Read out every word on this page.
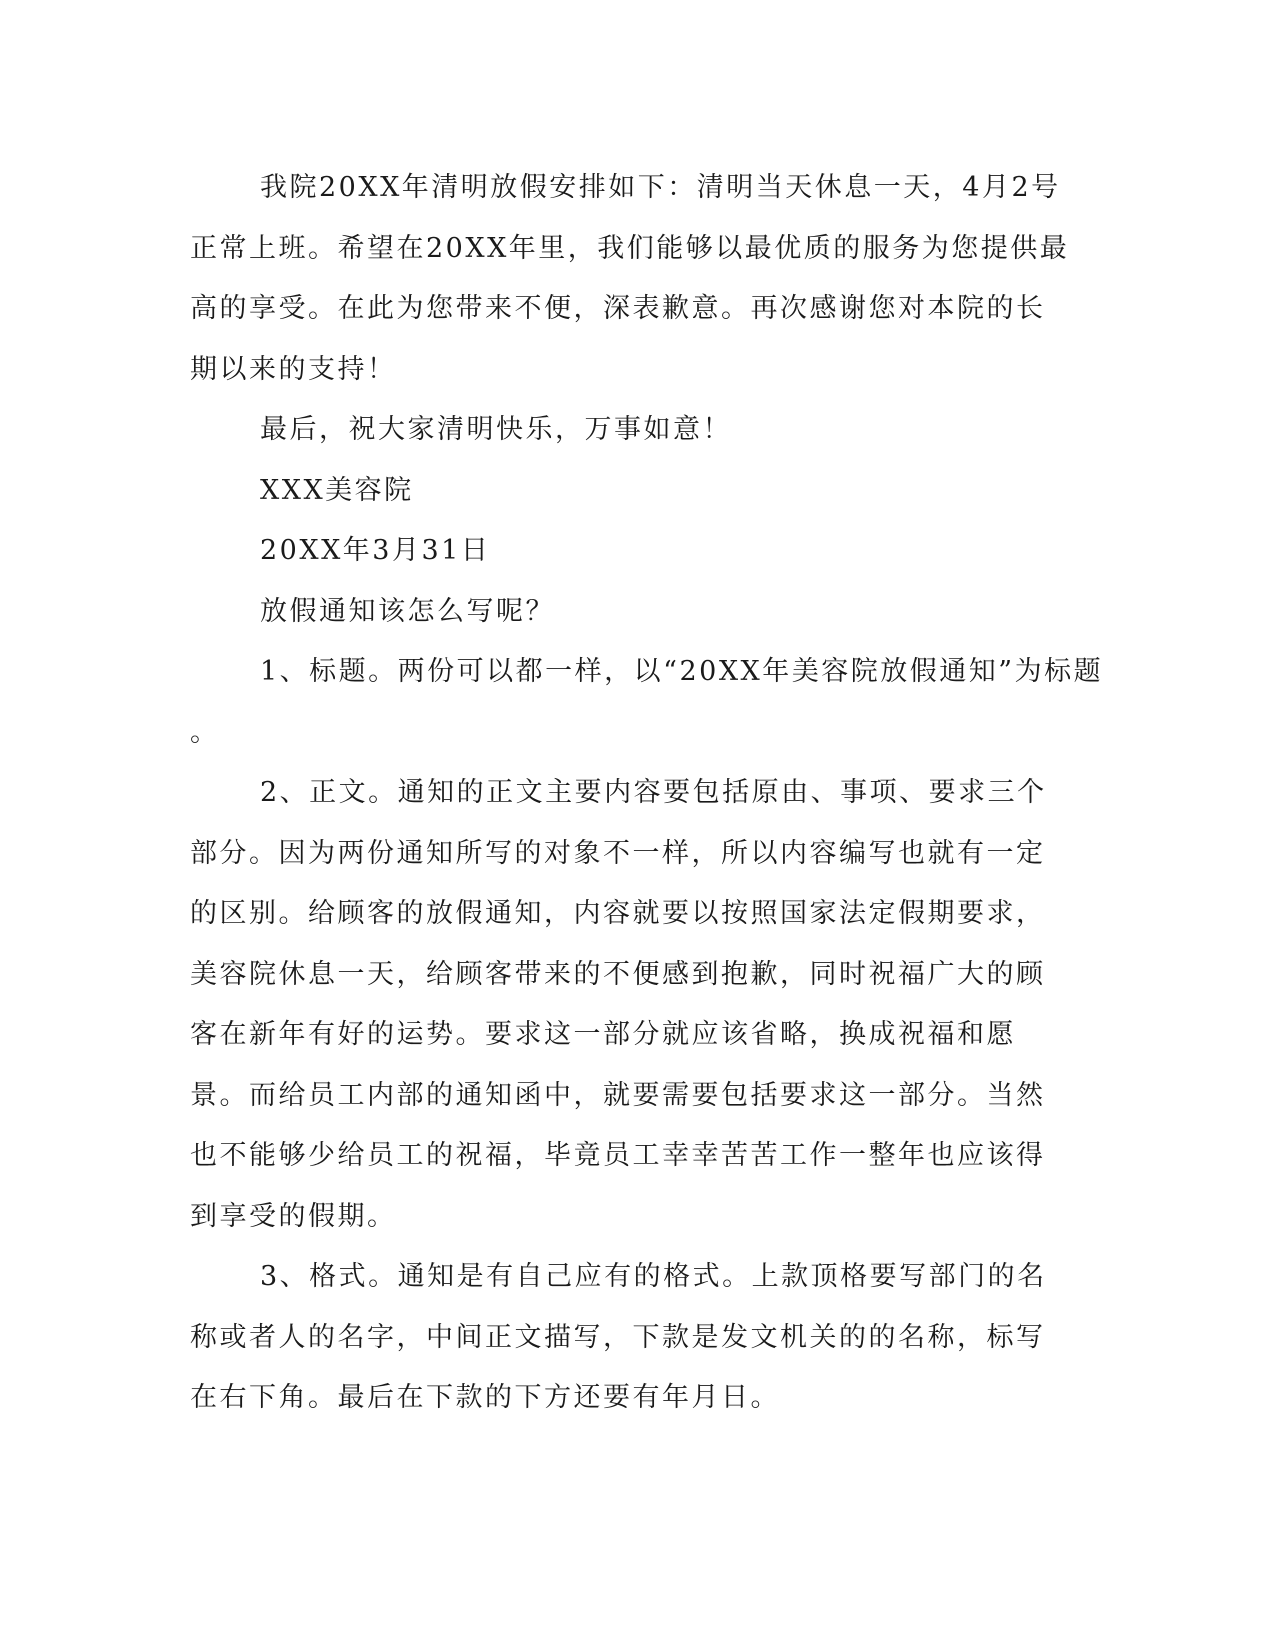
我院20XX年清明放假安排如下：清明当天休息一天，4月2号正常上班。希望在20XX年里，我们能够以最优质的服务为您提供最高的享受。在此为您带来不便，深表歉意。再次感谢您对本院的长期以来的支持！

最后，祝大家清明快乐，万事如意！

XXX美容院

20XX年3月31日

放假通知该怎么写呢？

1、标题。两份可以都一样，以“20XX年美容院放假通知”为标题

。

2、正文。通知的正文主要内容要包括原由、事项、要求三个部分。因为两份通知所写的对象不一样，所以内容编写也就有一定的区别。给顾客的放假通知，内容就要以按照国家法定假期要求，美容院休息一天，给顾客带来的不便感到抱歉，同时祝福广大的顾客在新年有好的运势。要求这一部分就应该省略，换成祝福和愿景。而给员工内部的通知函中，就要需要包括要求这一部分。当然也不能够少给员工的祝福，毕竟员工幸幸苦苦工作一整年也应该得到享受的假期。

3、格式。通知是有自己应有的格式。上款顶格要写部门的名称或者人的名字，中间正文描写，下款是发文机关的的名称，标写在右下角。最后在下款的下方还要有年月日。
